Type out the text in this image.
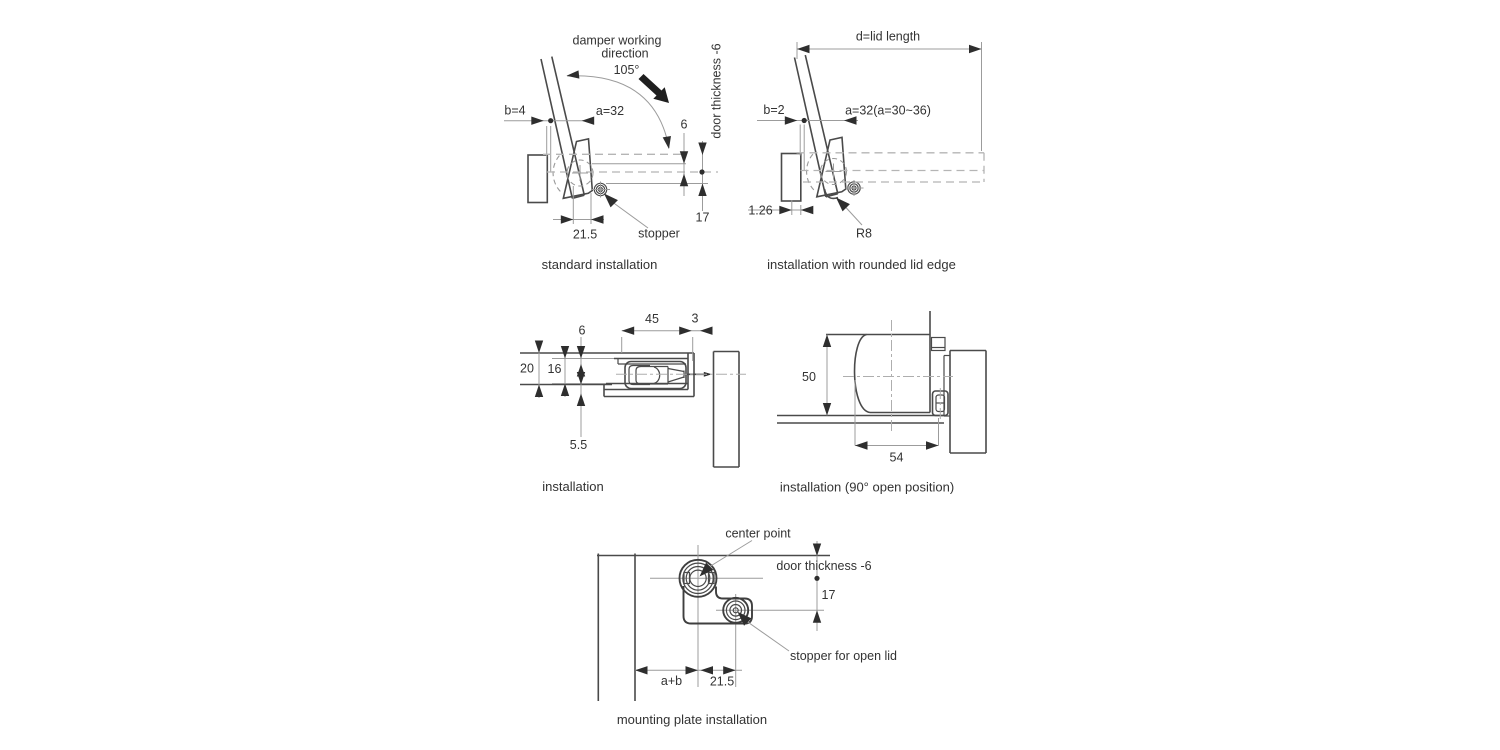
damper working
direction
105°
b=4	a=32	door thickness -6
6
17
21.5	stopper
standard installation
d=lid length
b=2	a=32(a=30~36)
1.26
R8
installation with rounded lid edge
45	3
6
20 16
5.5
installation
50
54
installation (90° open position)
center point
door thickness -6
17
stopper for open lid
a+b 21.5
mounting plate installation
